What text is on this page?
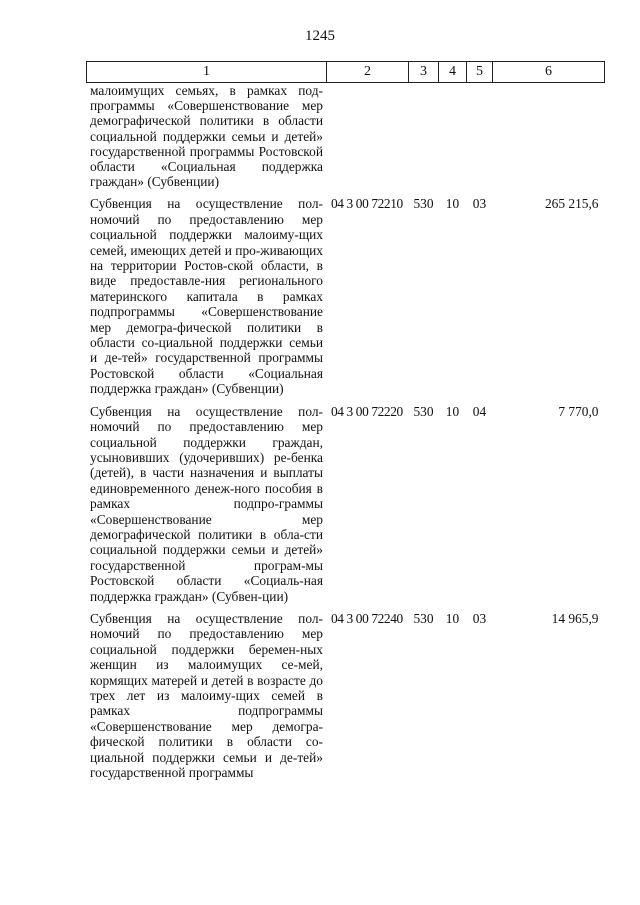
1245
1	2	3	4	5	6
малоимущих семьях, в рамках под-программы «Совершенствование мер демографической политики в области социальной поддержки семьи и детей» государственной программы Ростовской области «Социальная поддержка граждан» (Субвенции)					
Субвенция на осуществление пол-номочий по предоставлению мер социальной поддержки малоиму-щих семей, имеющих детей и про-живающих на территории Ростов-ской области, в виде предоставле-ния регионального материнского капитала в рамках подпрограммы «Совершенствование мер демогра-фической политики в области со-циальной поддержки семьи и де-тей» государственной программы Ростовской области «Социальная поддержка граждан» (Субвенции)	04 3 00 72210	530	10	03	265 215,6
Субвенция на осуществление пол-номочий по предоставлению мер социальной поддержки граждан, усыновивших (удочеривших) ре-бенка (детей), в части назначения и выплаты единовременного денеж-ного пособия в рамках подпро-граммы «Совершенствование мер демографической политики в обла-сти социальной поддержки семьи и детей» государственной програм-мы Ростовской области «Социаль-ная поддержка граждан» (Субвен-ции)	04 3 00 72220	530	10	04	7 770,0
Субвенция на осуществление пол-номочий по предоставлению мер социальной поддержки беремен-ных женщин из малоимущих се-мей, кормящих матерей и детей в возрасте до трех лет из малоиму-щих семей в рамках подпрограммы «Совершенствование мер демогра-фической политики в области со-циальной поддержки семьи и де-тей» государственной программы	04 3 00 72240	530	10	03	14 965,9
